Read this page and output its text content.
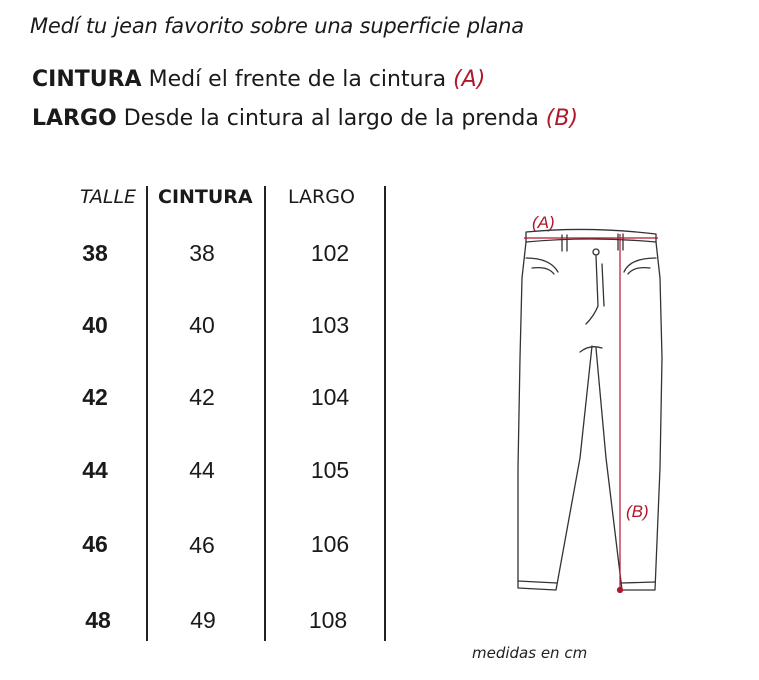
Medí tu jean favorito sobre una superficie plana
CINTURA Medí el frente de la cintura (A)
LARGO Desde la cintura al largo de la prenda (B)
TALLE CINTURA LARGO
38	38	102
40	40	103
42	42	104
44	44	105
46	46	106
48	49	108
(A)
(B)
medidas en cm
